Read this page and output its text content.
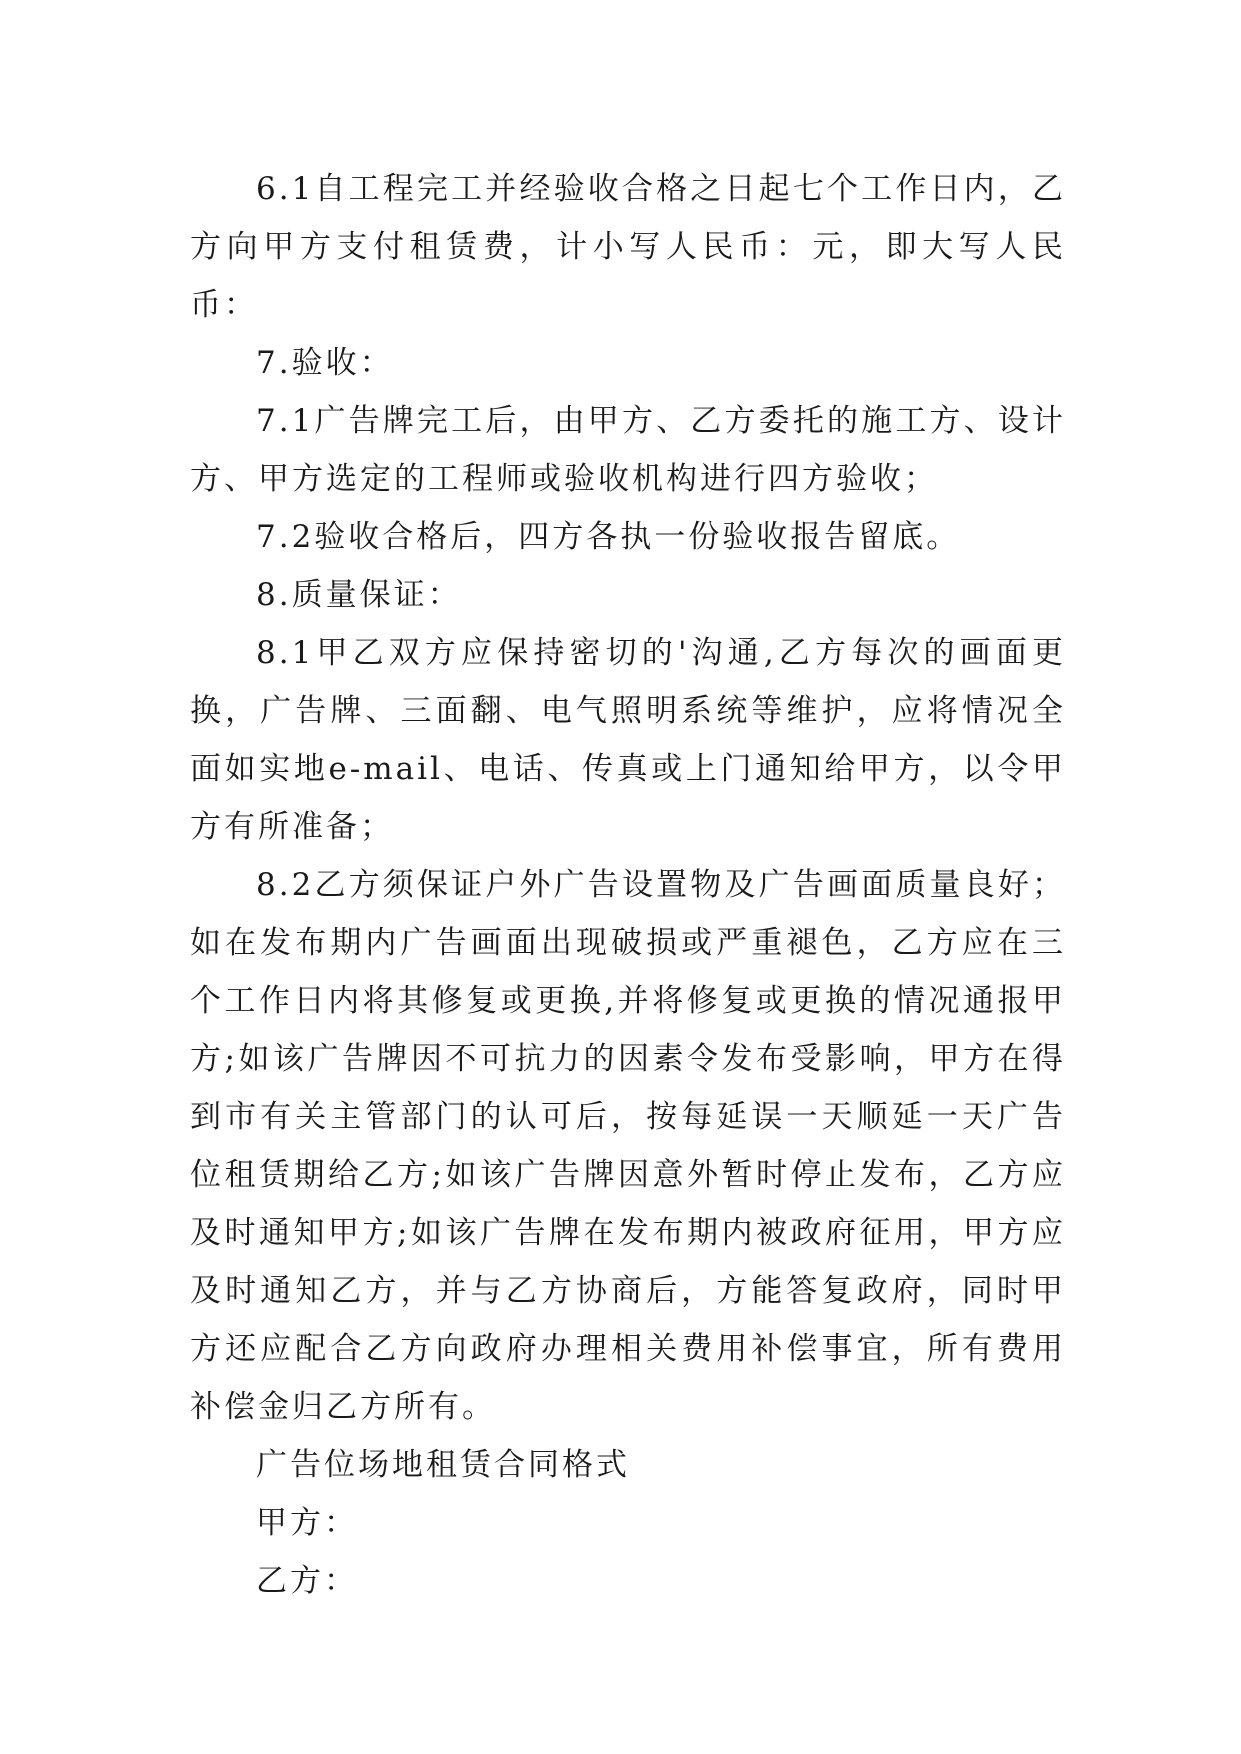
6.1自工程完工并经验收合格之日起七个工作日内，乙方向甲方支付租赁费，计小写人民币：元，即大写人民币：

7.验收：

7.1广告牌完工后，由甲方、乙方委托的施工方、设计方、甲方选定的工程师或验收机构进行四方验收；

7.2验收合格后，四方各执一份验收报告留底。

8.质量保证：

8.1甲乙双方应保持密切的'沟通,乙方每次的画面更换，广告牌、三面翻、电气照明系统等维护，应将情况全面如实地e-mail、电话、传真或上门通知给甲方，以令甲方有所准备；

8.2乙方须保证户外广告设置物及广告画面质量良好；如在发布期内广告画面出现破损或严重褪色，乙方应在三个工作日内将其修复或更换,并将修复或更换的情况通报甲方;如该广告牌因不可抗力的因素令发布受影响，甲方在得到市有关主管部门的认可后，按每延误一天顺延一天广告位租赁期给乙方;如该广告牌因意外暂时停止发布，乙方应及时通知甲方;如该广告牌在发布期内被政府征用，甲方应及时通知乙方，并与乙方协商后，方能答复政府，同时甲方还应配合乙方向政府办理相关费用补偿事宜，所有费用补偿金归乙方所有。

广告位场地租赁合同格式

甲方：

乙方：
